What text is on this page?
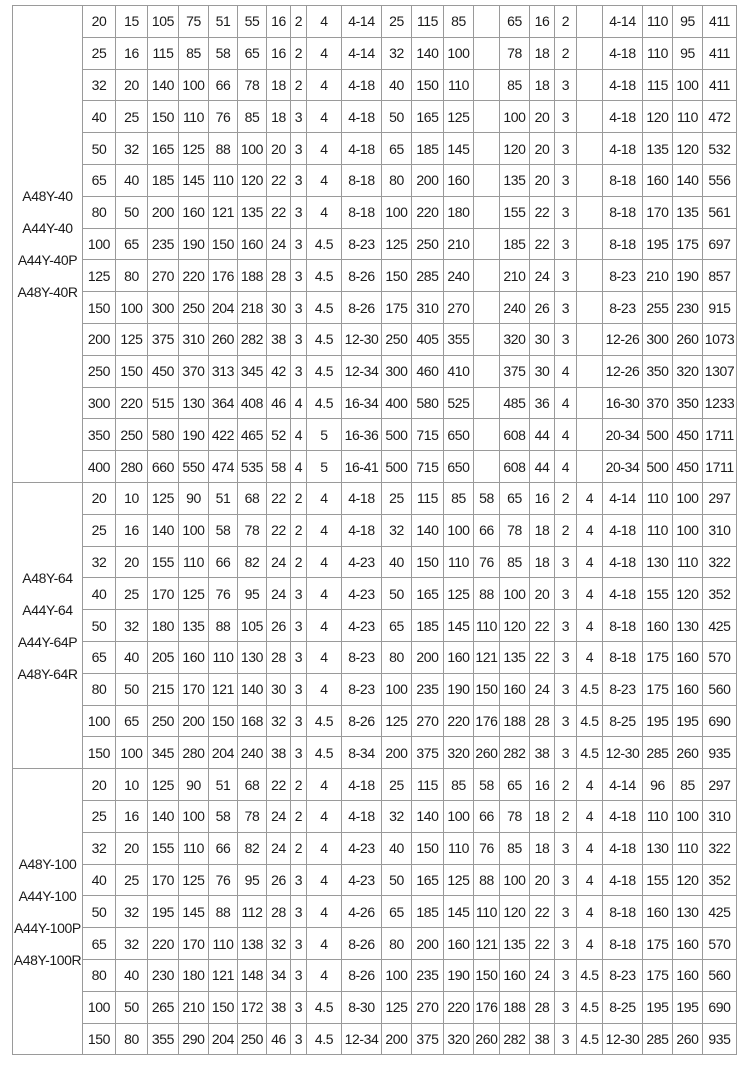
A48Y-40
A44Y-40
A44Y-40P
A48Y-40R	20	15	105	75	51	55	16	2	4	4-14	25	115	85		65	16	2		4-14	110	95	411
	25	16	115	85	58	65	16	2	4	4-14	32	140	100		78	18	2		4-18	110	95	411
	32	20	140	100	66	78	18	2	4	4-18	40	150	110		85	18	3		4-18	115	100	411
	40	25	150	110	76	85	18	3	4	4-18	50	165	125		100	20	3		4-18	120	110	472
	50	32	165	125	88	100	20	3	4	4-18	65	185	145		120	20	3		4-18	135	120	532
	65	40	185	145	110	120	22	3	4	8-18	80	200	160		135	20	3		8-18	160	140	556
	80	50	200	160	121	135	22	3	4	8-18	100	220	180		155	22	3		8-18	170	135	561
	100	65	235	190	150	160	24	3	4.5	8-23	125	250	210		185	22	3		8-18	195	175	697
	125	80	270	220	176	188	28	3	4.5	8-26	150	285	240		210	24	3		8-23	210	190	857
	150	100	300	250	204	218	30	3	4.5	8-26	175	310	270		240	26	3		8-23	255	230	915
	200	125	375	310	260	282	38	3	4.5	12-30	250	405	355		320	30	3		12-26	300	260	1073
	250	150	450	370	313	345	42	3	4.5	12-34	300	460	410		375	30	4		12-26	350	320	1307
	300	220	515	130	364	408	46	4	4.5	16-34	400	580	525		485	36	4		16-30	370	350	1233
	350	250	580	190	422	465	52	4	5	16-36	500	715	650		608	44	4		20-34	500	450	1711
	400	280	660	550	474	535	58	4	5	16-41	500	715	650		608	44	4		20-34	500	450	1711

A48Y-64
A44Y-64
A44Y-64P
A48Y-64R	20	10	125	90	51	68	22	2	4	4-18	25	115	85	58	65	16	2	4	4-14	110	100	297
	25	16	140	100	58	78	22	2	4	4-18	32	140	100	66	78	18	2	4	4-18	110	100	310
	32	20	155	110	66	82	24	2	4	4-23	40	150	110	76	85	18	3	4	4-18	130	110	322
	40	25	170	125	76	95	24	3	4	4-23	50	165	125	88	100	20	3	4	4-18	155	120	352
	50	32	180	135	88	105	26	3	4	4-23	65	185	145	110	120	22	3	4	8-18	160	130	425
	65	40	205	160	110	130	28	3	4	8-23	80	200	160	121	135	22	3	4	8-18	175	160	570
	80	50	215	170	121	140	30	3	4	8-23	100	235	190	150	160	24	3	4.5	8-23	175	160	560
	100	65	250	200	150	168	32	3	4.5	8-26	125	270	220	176	188	28	3	4.5	8-25	195	195	690
	150	100	345	280	204	240	38	3	4.5	8-34	200	375	320	260	282	38	3	4.5	12-30	285	260	935

A48Y-100
A44Y-100
A44Y-100P
A48Y-100R	20	10	125	90	51	68	22	2	4	4-18	25	115	85	58	65	16	2	4	4-14	96	85	297
	25	16	140	100	58	78	24	2	4	4-18	32	140	100	66	78	18	2	4	4-18	110	100	310
	32	20	155	110	66	82	24	2	4	4-23	40	150	110	76	85	18	3	4	4-18	130	110	322
	40	25	170	125	76	95	26	3	4	4-23	50	165	125	88	100	20	3	4	4-18	155	120	352
	50	32	195	145	88	112	28	3	4	4-26	65	185	145	110	120	22	3	4	8-18	160	130	425
	65	32	220	170	110	138	32	3	4	8-26	80	200	160	121	135	22	3	4	8-18	175	160	570
	80	40	230	180	121	148	34	3	4	8-26	100	235	190	150	160	24	3	4.5	8-23	175	160	560
	100	50	265	210	150	172	38	3	4.5	8-30	125	270	220	176	188	28	3	4.5	8-25	195	195	690
	150	80	355	290	204	250	46	3	4.5	12-34	200	375	320	260	282	38	3	4.5	12-30	285	260	935
